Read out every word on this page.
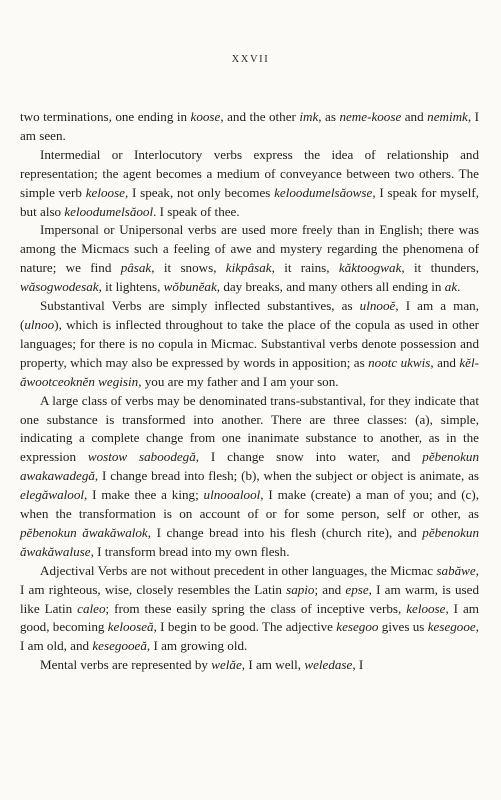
XXVII

two terminations, one ending in koose, and the other imk, as neme-koose and nemimk, I am seen.

Intermedial or Interlocutory verbs express the idea of relationship and representation; the agent becomes a medium of conveyance between two others. The simple verb keloose, I speak, not only becomes keloodumelsăowse, I speak for myself, but also keloodumelsăool. I speak of thee.

Impersonal or Unipersonal verbs are used more freely than in English; there was among the Micmacs such a feeling of awe and mystery regarding the phenomena of nature; we find pâsak, it snows, kikpâsak, it rains, kăktoogwak, it thunders, wăsogwodesak, it lightens, wŏbunĕak, day breaks, and many others all ending in ak.

Substantival Verbs are simply inflected substantives, as ulnooĕ, I am a man, (ulnoo), which is inflected throughout to take the place of the copula as used in other languages; for there is no copula in Micmac. Substantival verbs denote possession and property, which may also be expressed by words in apposition; as nootc ukwis, and kĕl-ăwootceoknĕn wegisin, you are my father and I am your son.

A large class of verbs may be denominated trans-substantival, for they indicate that one substance is transformed into another. There are three classes: (a), simple, indicating a complete change from one inanimate substance to another, as in the expression wostow saboodegă, I change snow into water, and pĕbenokun awakawadegă, I change bread into flesh; (b), when the subject or object is animate, as elegăwalool, I make thee a king; ulnooalool, I make (create) a man of you; and (c), when the transformation is on account of or for some person, self or other, as pĕbenokun ăwakăwalok, I change bread into his flesh (church rite), and pĕbenokun ăwakăwaluse, I transform bread into my own flesh.

Adjectival Verbs are not without precedent in other languages, the Micmac sabăwe, I am righteous, wise, closely resembles the Latin sapio; and epse, I am warm, is used like Latin caleo; from these easily spring the class of inceptive verbs, keloose, I am good, becoming kelooseă, I begin to be good. The adjective kesegoo gives us kesegooe, I am old, and kesegooeă, I am growing old.

Mental verbs are represented by welăe, I am well, weledase, I
